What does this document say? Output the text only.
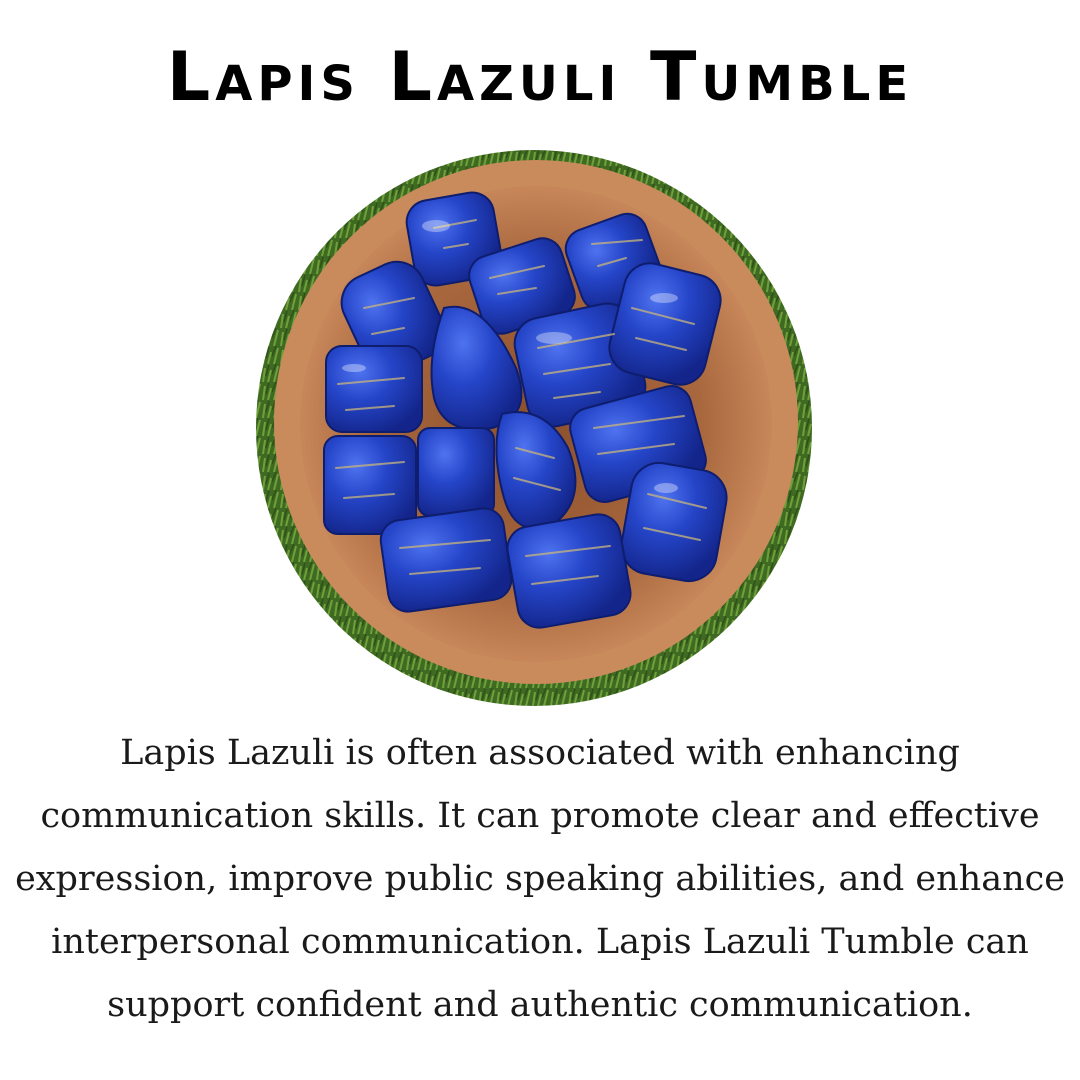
Lapis Lazuli Tumble

Lapis Lazuli is often associated with enhancing communication skills. It can promote clear and effective expression, improve public speaking abilities, and enhance interpersonal communication. Lapis Lazuli Tumble can support confident and authentic communication.
